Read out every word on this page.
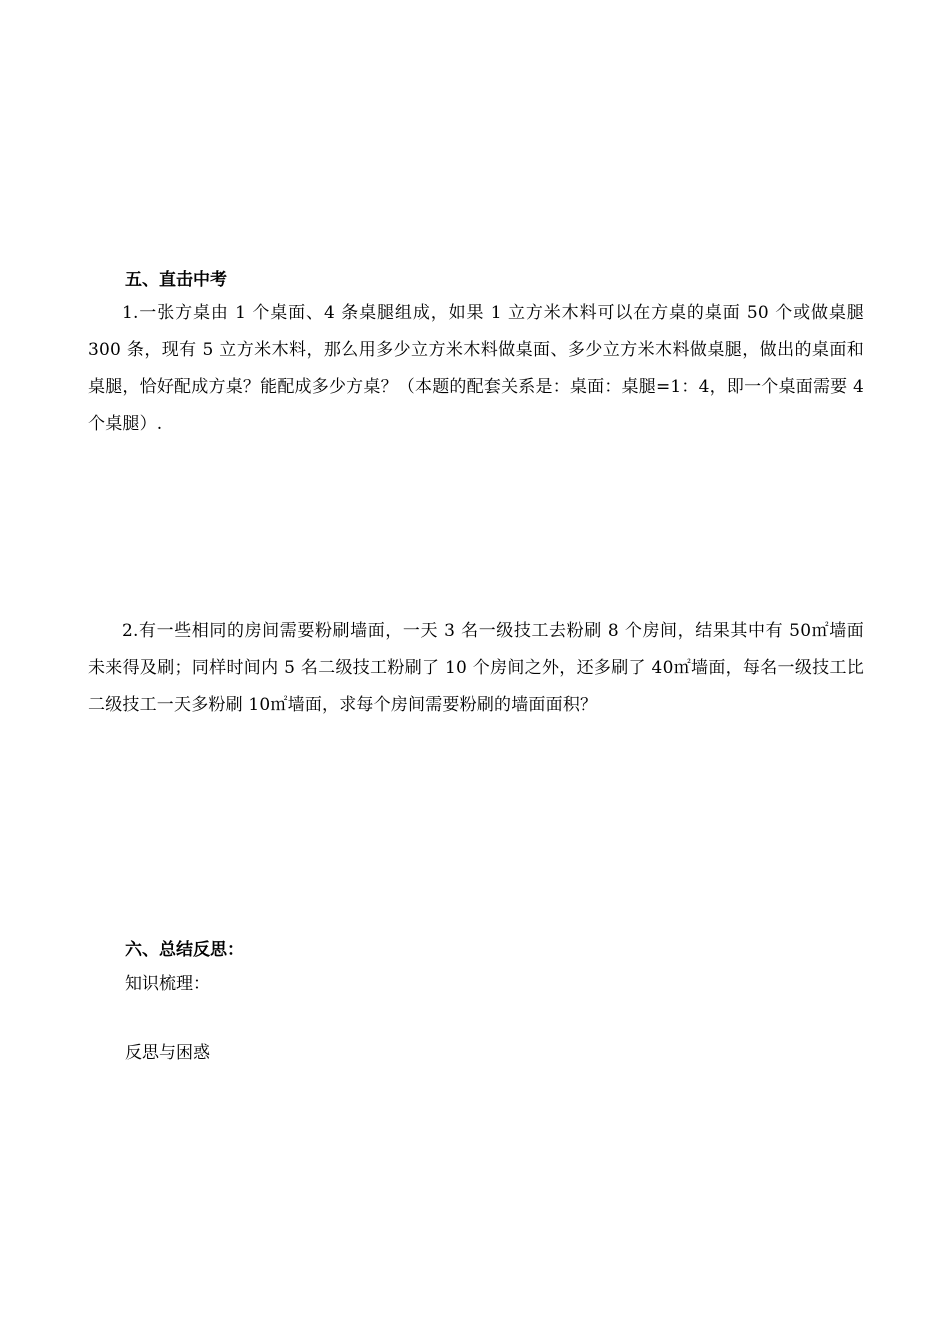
五、直击中考
1.一张方桌由 1 个桌面、4 条桌腿组成，如果 1 立方米木料可以在方桌的桌面 50 个或做桌腿 300 条，现有 5 立方米木料，那么用多少立方米木料做桌面、多少立方米木料做桌腿，做出的桌面和桌腿，恰好配成方桌？能配成多少方桌？（本题的配套关系是：桌面：桌腿=1：4，即一个桌面需要 4 个桌腿）.
2.有一些相同的房间需要粉刷墙面，一天 3 名一级技工去粉刷 8 个房间，结果其中有 50㎡墙面未来得及刷；同样时间内 5 名二级技工粉刷了 10 个房间之外，还多刷了 40㎡墙面，每名一级技工比二级技工一天多粉刷 10㎡墙面，求每个房间需要粉刷的墙面面积？
六、总结反思：
知识梳理：
反思与困惑
